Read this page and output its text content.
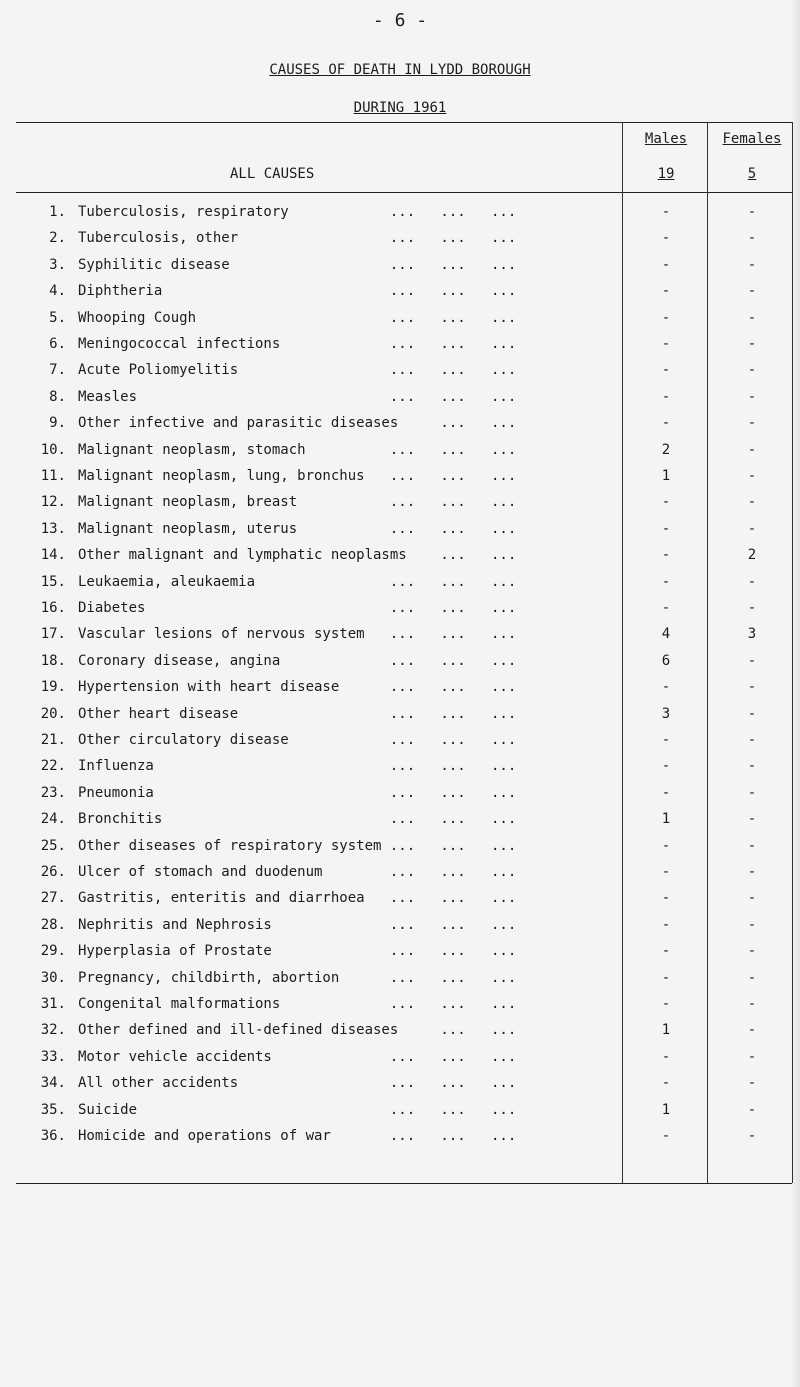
- 6 -
CAUSES OF DEATH IN LYDD BOROUGH
DURING 1961
Males	Females
ALL CAUSES	19	5
1. Tuberculosis, respiratory            ...   ...   ...	-	-
2. Tuberculosis, other                  ...   ...   ...	-	-
3. Syphilitic disease                   ...   ...   ...	-	-
4. Diphtheria                           ...   ...   ...	-	-
5. Whooping Cough                       ...   ...   ...	-	-
6. Meningococcal infections             ...   ...   ...	-	-
7. Acute Poliomyelitis                  ...   ...   ...	-	-
8. Measles                              ...   ...   ...	-	-
9. Other infective and parasitic diseases     ...   ...	-	-
10. Malignant neoplasm, stomach          ...   ...   ...	2	-
11. Malignant neoplasm, lung, bronchus   ...   ...   ...	1	-
12. Malignant neoplasm, breast           ...   ...   ...	-	-
13. Malignant neoplasm, uterus           ...   ...   ...	-	-
14. Other malignant and lymphatic neoplasms    ...   ...	-	2
15. Leukaemia, aleukaemia                ...   ...   ...	-	-
16. Diabetes                             ...   ...   ...	-	-
17. Vascular lesions of nervous system   ...   ...   ...	4	3
18. Coronary disease, angina             ...   ...   ...	6	-
19. Hypertension with heart disease      ...   ...   ...	-	-
20. Other heart disease                  ...   ...   ...	3	-
21. Other circulatory disease            ...   ...   ...	-	-
22. Influenza                            ...   ...   ...	-	-
23. Pneumonia                            ...   ...   ...	-	-
24. Bronchitis                           ...   ...   ...	1	-
25. Other diseases of respiratory system ...   ...   ...	-	-
26. Ulcer of stomach and duodenum        ...   ...   ...	-	-
27. Gastritis, enteritis and diarrhoea   ...   ...   ...	-	-
28. Nephritis and Nephrosis              ...   ...   ...	-	-
29. Hyperplasia of Prostate              ...   ...   ...	-	-
30. Pregnancy, childbirth, abortion      ...   ...   ...	-	-
31. Congenital malformations             ...   ...   ...	-	-
32. Other defined and ill-defined diseases     ...   ...	1	-
33. Motor vehicle accidents              ...   ...   ...	-	-
34. All other accidents                  ...   ...   ...	-	-
35. Suicide                              ...   ...   ...	1	-
36. Homicide and operations of war       ...   ...   ...	-	-
